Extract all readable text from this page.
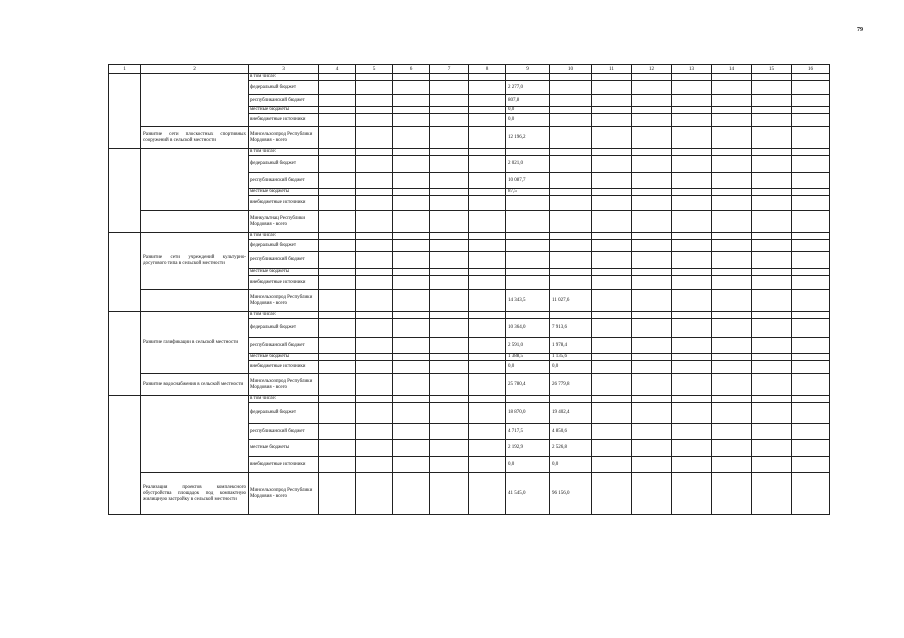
79
1	2	3	4	5	6	7	8	9	10	11	12	13	14	15	16
		в том числе:													
		федеральный бюджет						2 277,0							
		республиканский бюджет						807,8							
		местные бюджеты						0,0							
		внебюджетные источники						0,0							
	Развитие сети плоскостных спортивных сооружений в сельской местности	Минсельхозпрод Республики Мордовия - всего						12 196,2							
		в том числе:													
		федеральный бюджет						2 021,0							
		республиканский бюджет						10 087,7							
		местные бюджеты						87,5							
		внебюджетные источники													
		Минкультнац Республики Мордовия - всего													
	Развитие сети учреждений культурно-досугового типа в сельской местности	в том числе:													
		федеральный бюджет													
		республиканский бюджет													
		местные бюджеты													
		внебюджетные источники													
		Минсельхозпрод Республики Мордовия - всего						14 343,5	11 027,6						
	Развитие газификации в сельской местности	в том числе:													
		федеральный бюджет						10 364,0	7 913,6						
		республиканский бюджет						2 591,0	1 978,4						
		местные бюджеты						1 388,5	1 135,6						
		внебюджетные источники						0,0	0,0						
	Развитие водоснабжения в сельской местности	Минсельхозпрод Республики Мордовия - всего						25 780,4	26 779,8						
		в том числе:													
		федеральный бюджет						18 870,0	19 402,4						
		республиканский бюджет						4 717,5	4 850,6						
		местные бюджеты						2 192,9	2 526,8						
		внебюджетные источники						0,0	0,0						
	Реализация проектов комплексного обустройства площадок под компактную жилищную застройку в сельской местности	Минсельхозпрод Республики Мордовия - всего						41 545,0	96 156,0						
